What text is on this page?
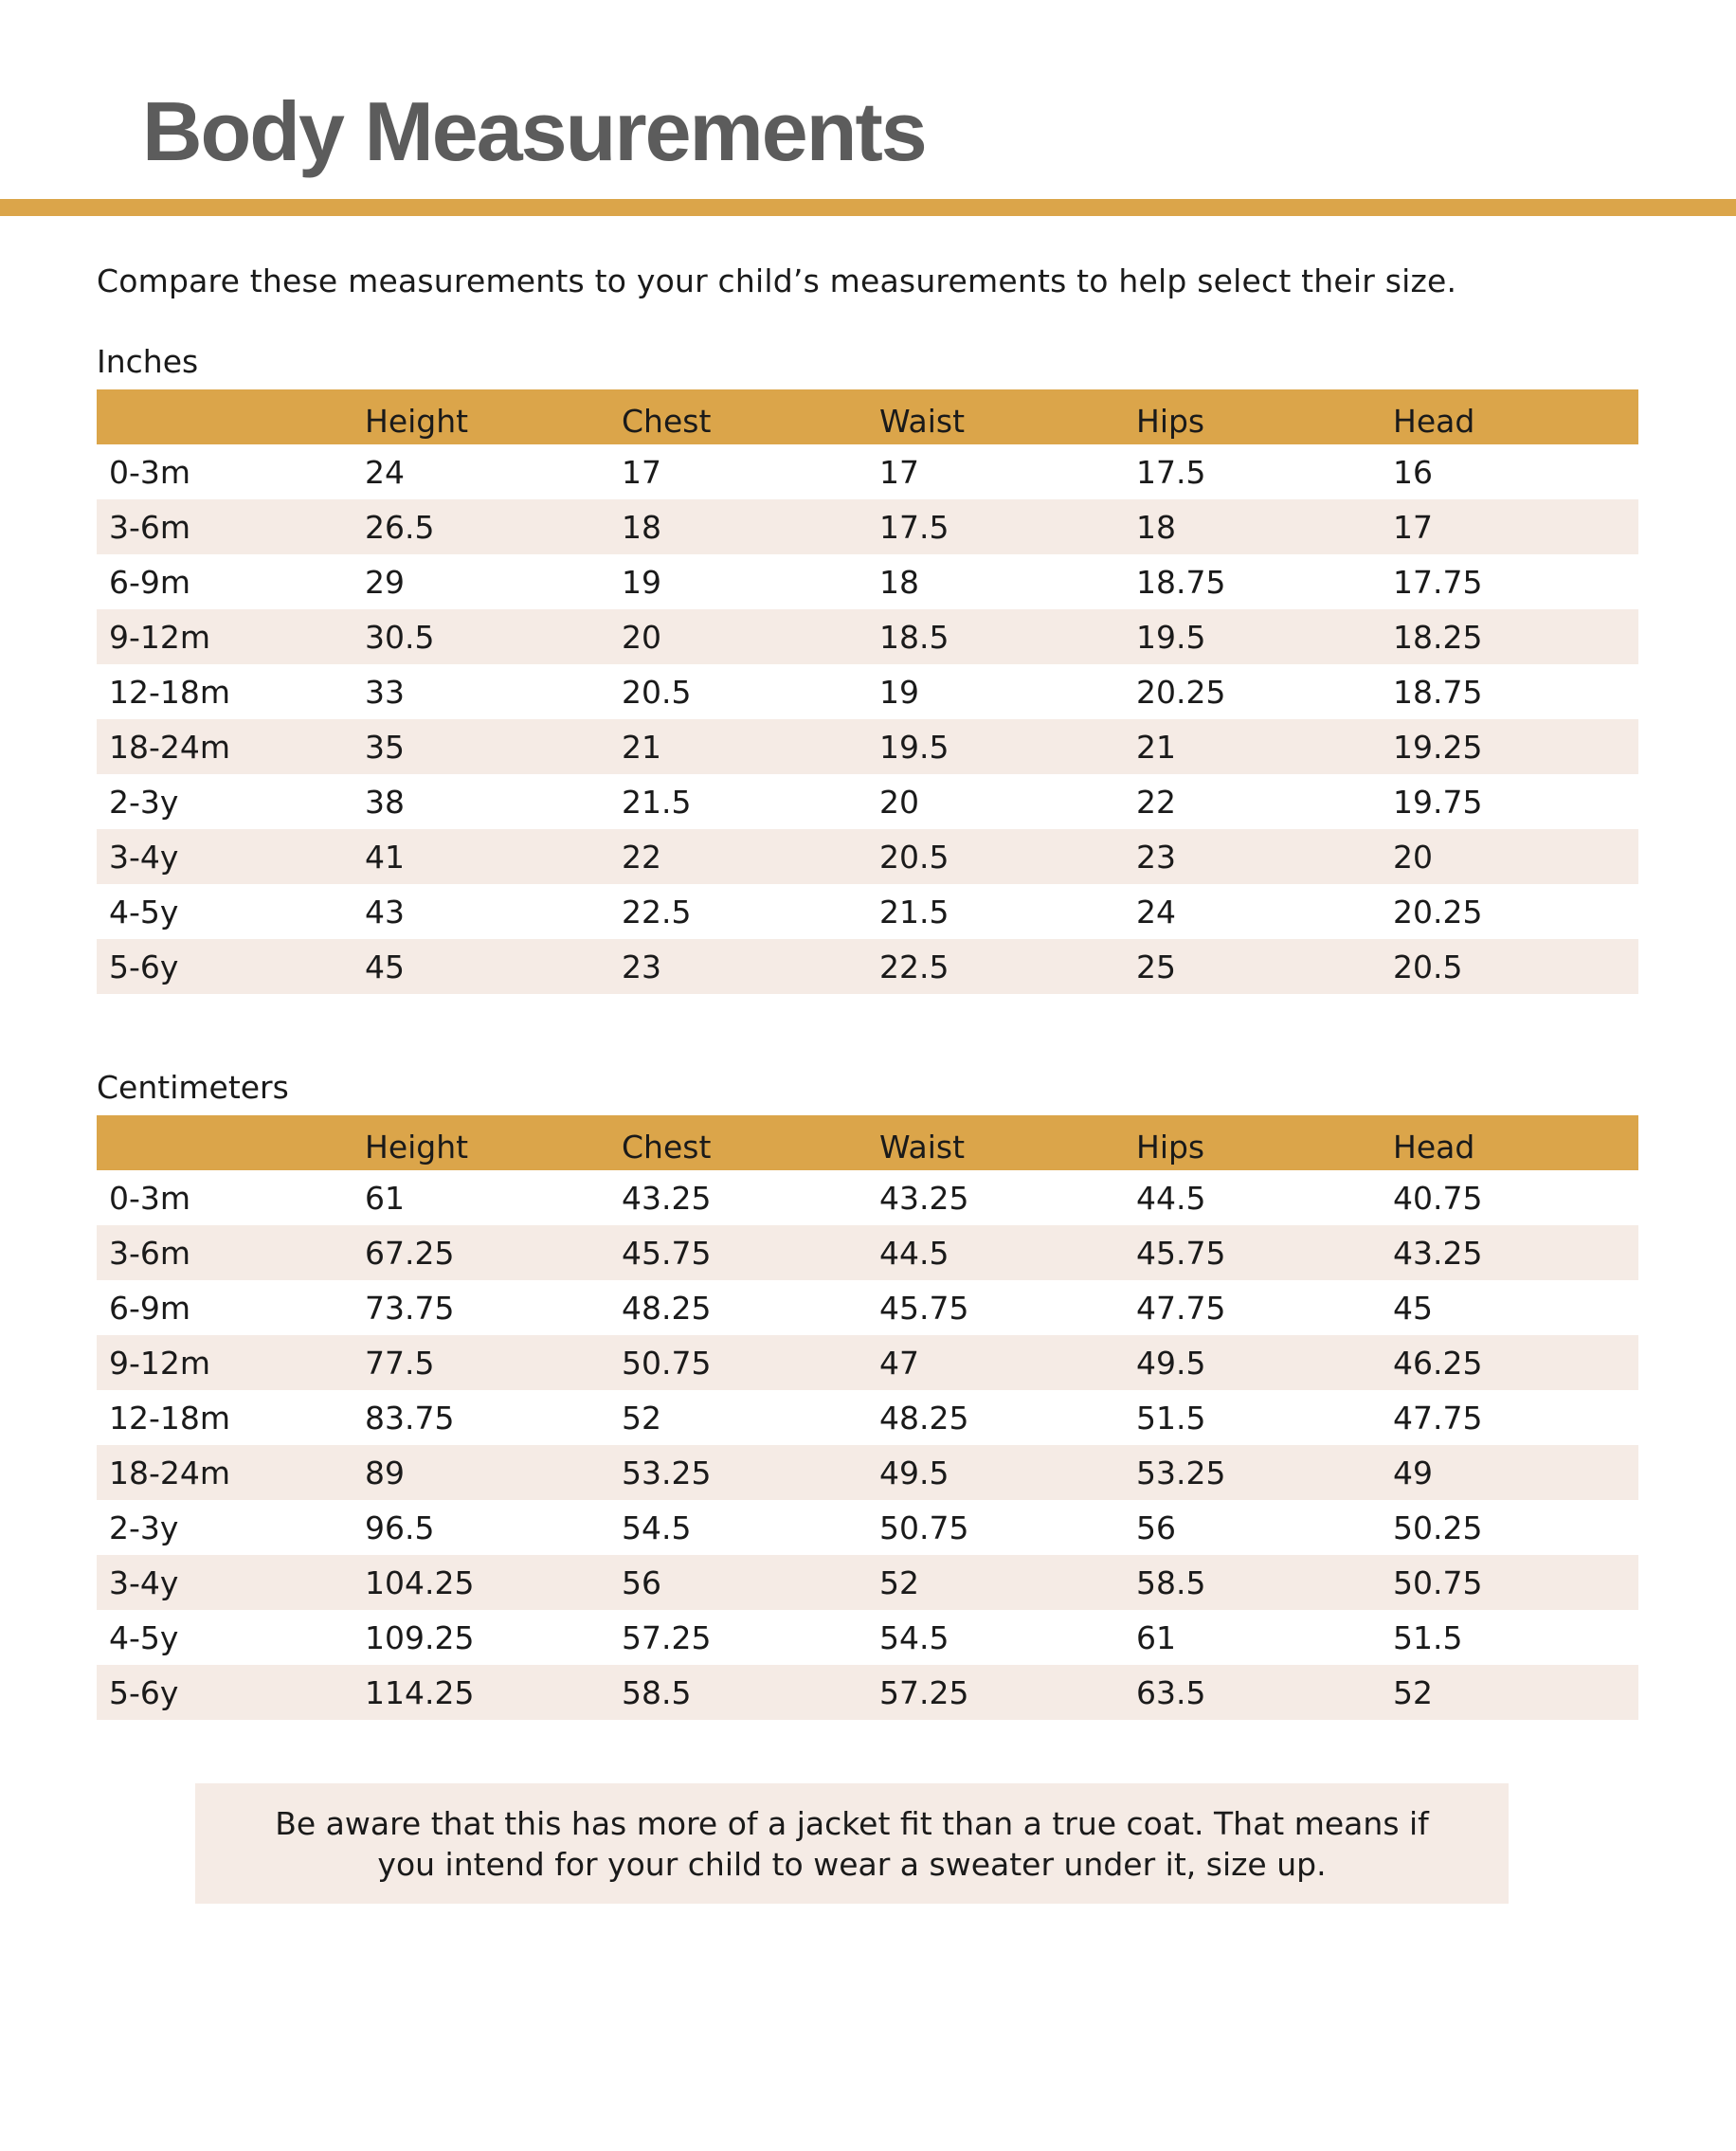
Body Measurements
Compare these measurements to your child’s measurements to help select their size.
Inches
	Height	Chest	Waist	Hips	Head
0-3m	24	17	17	17.5	16
3-6m	26.5	18	17.5	18	17
6-9m	29	19	18	18.75	17.75
9-12m	30.5	20	18.5	19.5	18.25
12-18m	33	20.5	19	20.25	18.75
18-24m	35	21	19.5	21	19.25
2-3y	38	21.5	20	22	19.75
3-4y	41	22	20.5	23	20
4-5y	43	22.5	21.5	24	20.25
5-6y	45	23	22.5	25	20.5
Centimeters
	Height	Chest	Waist	Hips	Head
0-3m	61	43.25	43.25	44.5	40.75
3-6m	67.25	45.75	44.5	45.75	43.25
6-9m	73.75	48.25	45.75	47.75	45
9-12m	77.5	50.75	47	49.5	46.25
12-18m	83.75	52	48.25	51.5	47.75
18-24m	89	53.25	49.5	53.25	49
2-3y	96.5	54.5	50.75	56	50.25
3-4y	104.25	56	52	58.5	50.75
4-5y	109.25	57.25	54.5	61	51.5
5-6y	114.25	58.5	57.25	63.5	52
Be aware that this has more of a jacket fit than a true coat. That means if you intend for your child to wear a sweater under it, size up.
